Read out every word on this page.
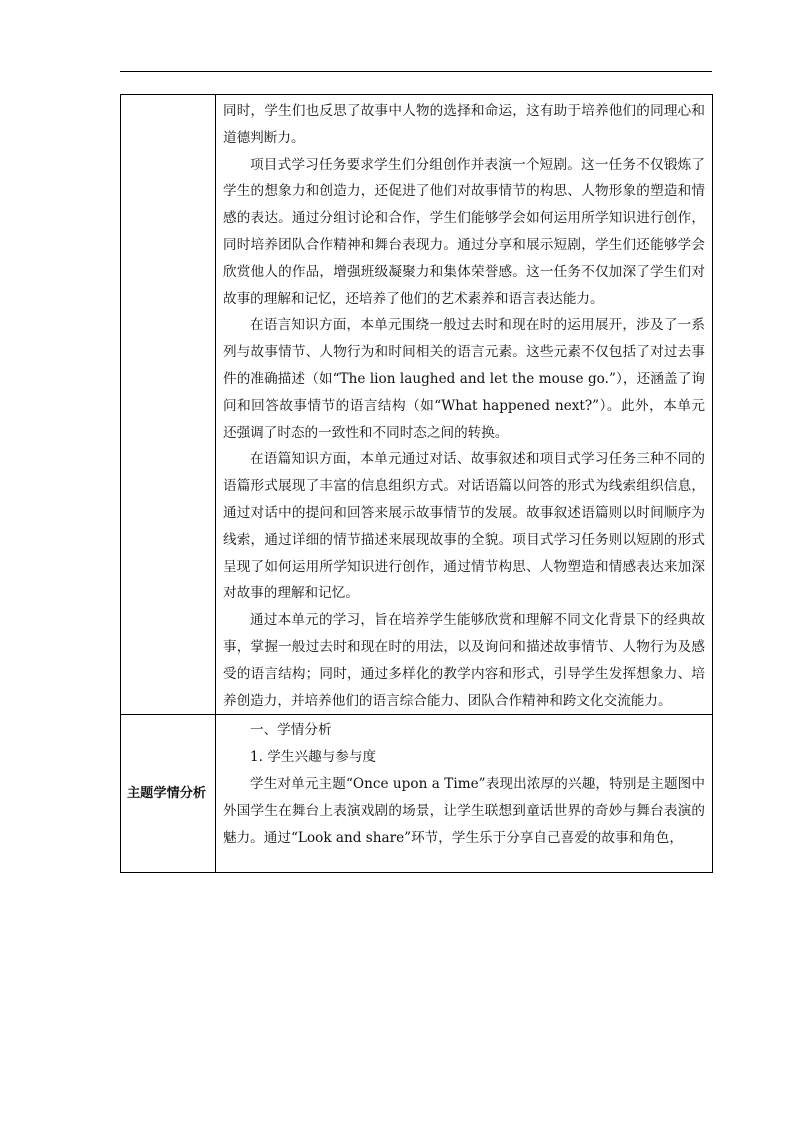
	同时，学生们也反思了故事中人物的选择和命运，这有助于培养他们的同理心和道德判断力。

项目式学习任务要求学生们分组创作并表演一个短剧。这一任务不仅锻炼了学生的想象力和创造力，还促进了他们对故事情节的构思、人物形象的塑造和情感的表达。通过分组讨论和合作，学生们能够学会如何运用所学知识进行创作，同时培养团队合作精神和舞台表现力。通过分享和展示短剧，学生们还能够学会欣赏他人的作品，增强班级凝聚力和集体荣誉感。这一任务不仅加深了学生们对故事的理解和记忆，还培养了他们的艺术素养和语言表达能力。

在语言知识方面，本单元围绕一般过去时和现在时的运用展开，涉及了一系列与故事情节、人物行为和时间相关的语言元素。这些元素不仅包括了对过去事件的准确描述（如“The lion laughed and let the mouse go.”），还涵盖了询问和回答故事情节的语言结构（如“What happened next?”）。此外，本单元还强调了时态的一致性和不同时态之间的转换。

在语篇知识方面，本单元通过对话、故事叙述和项目式学习任务三种不同的语篇形式展现了丰富的信息组织方式。对话语篇以问答的形式为线索组织信息，通过对话中的提问和回答来展示故事情节的发展。故事叙述语篇则以时间顺序为线索，通过详细的情节描述来展现故事的全貌。项目式学习任务则以短剧的形式呈现了如何运用所学知识进行创作，通过情节构思、人物塑造和情感表达来加深对故事的理解和记忆。

通过本单元的学习，旨在培养学生能够欣赏和理解不同文化背景下的经典故事，掌握一般过去时和现在时的用法，以及询问和描述故事情节、人物行为及感受的语言结构；同时，通过多样化的教学内容和形式，引导学生发挥想象力、培养创造力，并培养他们的语言综合能力、团队合作精神和跨文化交流能力。

主题学情分析	一、学情分析

1. 学生兴趣与参与度

学生对单元主题“Once upon a Time”表现出浓厚的兴趣，特别是主题图中外国学生在舞台上表演戏剧的场景，让学生联想到童话世界的奇妙与舞台表演的魅力。通过“Look and share”环节，学生乐于分享自己喜爱的故事和角色，
